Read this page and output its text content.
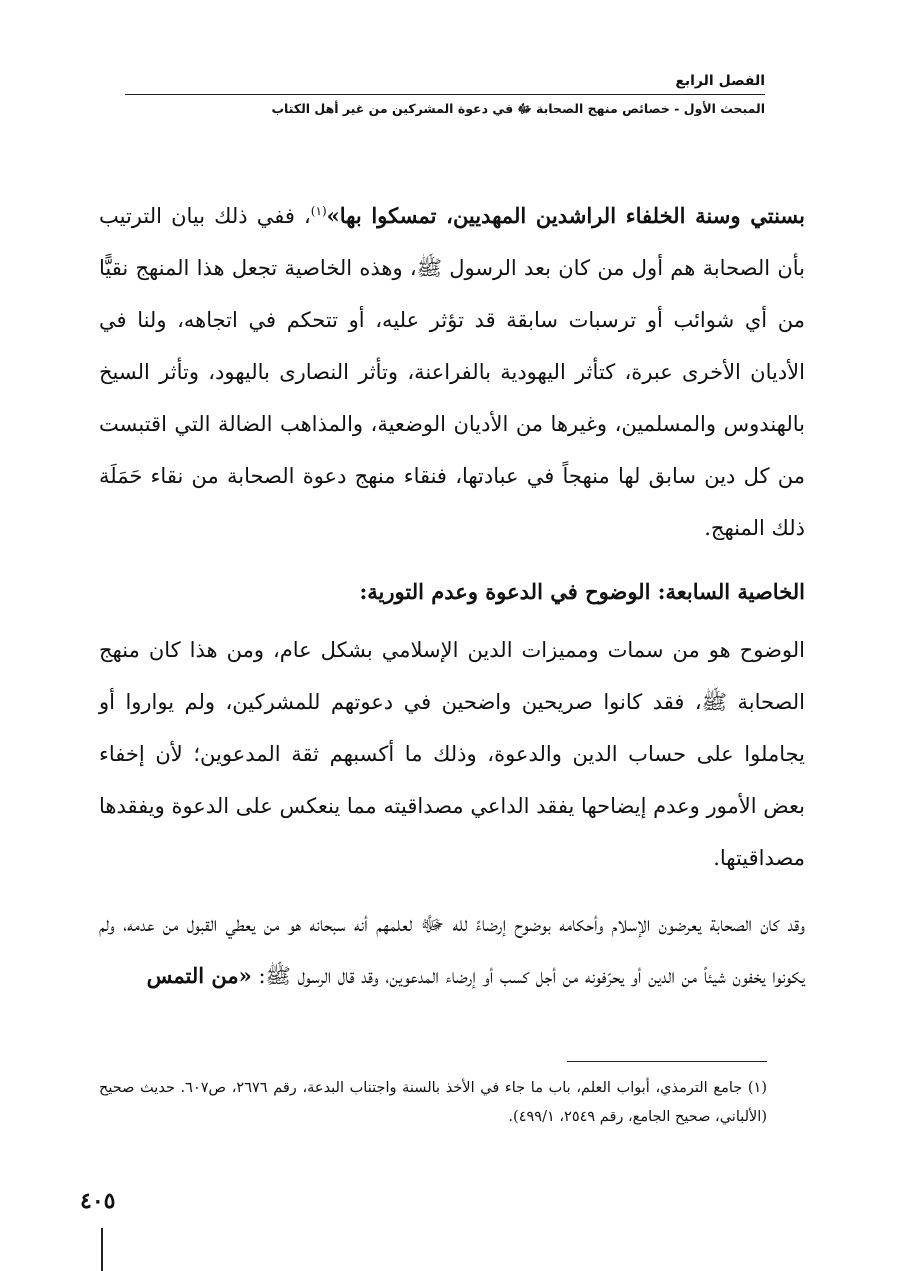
الفصل الرابع
المبحث الأول - خصائص منهج الصحابة ﷻ في دعوة المشركين من غير أهل الكتاب

بسنتي وسنة الخلفاء الراشدين المهديين، تمسكوا بها»$^{(١)}$، ففي ذلك بيان الترتيب بأن الصحابة هم أول من كان بعد الرسول ﷺ، وهذه الخاصية تجعل هذا المنهج نقيًّا من أي شوائب أو ترسبات سابقة قد تؤثر عليه، أو تتحكم في اتجاهه، ولنا في الأديان الأخرى عبرة، كتأثر اليهودية بالفراعنة، وتأثر النصارى باليهود، وتأثر السيخ بالهندوس والمسلمين، وغيرها من الأديان الوضعية، والمذاهب الضالة التي اقتبست من كل دين سابق لها منهجاً في عبادتها، فنقاء منهج دعوة الصحابة من نقاء حَمَلَة ذلك المنهج.

الخاصية السابعة: الوضوح في الدعوة وعدم التورية:

الوضوح هو من سمات ومميزات الدين الإسلامي بشكل عام، ومن هذا كان منهج الصحابة ﷺ، فقد كانوا صريحين واضحين في دعوتهم للمشركين، ولم يواروا أو يجاملوا على حساب الدين والدعوة، وذلك ما أكسبهم ثقة المدعوين؛ لأن إخفاء بعض الأمور وعدم إيضاحها يفقد الداعي مصداقيته مما ينعكس على الدعوة ويفقدها مصداقيتها.

وقد كان الصحابة يعرضون الإسلام وأحكامه بوضوح إرضاءً لله ﷻ لعلمهم أنه سبحانه هو من يعطي القبول من عدمه، ولم يكونوا يخفون شيئاً من الدين أو يحرّفونه من أجل كسب أو إرضاء المدعوين، وقد قال الرسول ﷺ: «من التمس

(١) جامع الترمذي، أبواب العلم، باب ما جاء في الأخذ بالسنة واجتناب البدعة، رقم ٢٦٧٦، ص٦٠٧. حديث صحيح (الألباني، صحيح الجامع، رقم ٢٥٤٩، ٤٩٩/١).
٤٠٥
